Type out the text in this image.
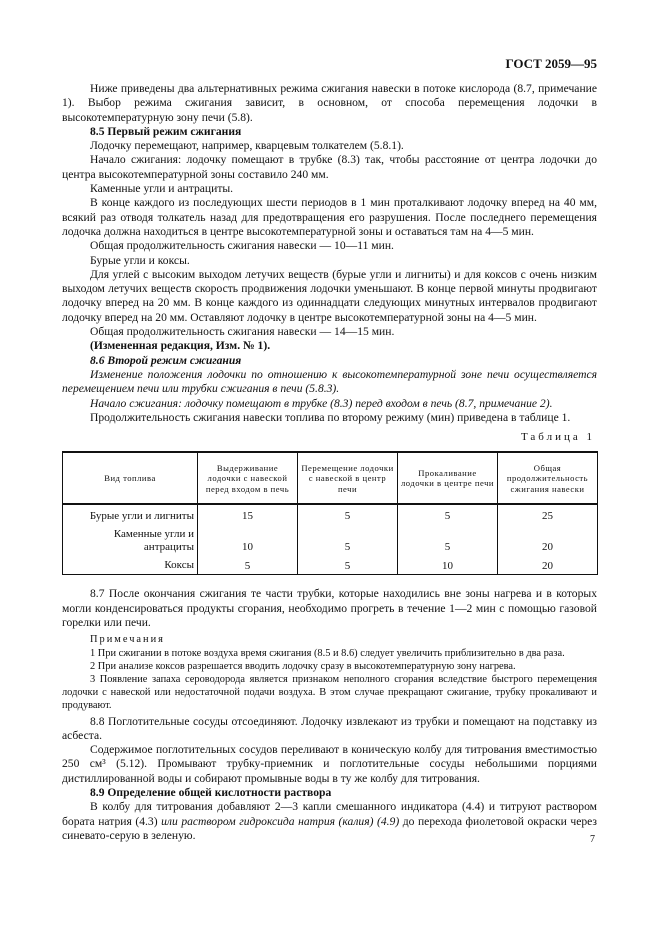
ГОСТ 2059—95

Ниже приведены два альтернативных режима сжигания навески в потоке кислорода (8.7, примечание 1). Выбор режима сжигания зависит, в основном, от способа перемещения лодочки в высокотемпературную зону печи (5.8).

8.5 Первый режим сжигания

Лодочку перемещают, например, кварцевым толкателем (5.8.1).

Начало сжигания: лодочку помещают в трубке (8.3) так, чтобы расстояние от центра лодочки до центра высокотемпературной зоны составило 240 мм.

Каменные угли и антрациты.

В конце каждого из последующих шести периодов в 1 мин проталкивают лодочку вперед на 40 мм, всякий раз отводя толкатель назад для предотвращения его разрушения. После последнего перемещения лодочка должна находиться в центре высокотемпературной зоны и оставаться там на 4—5 мин.

Общая продолжительность сжигания навески — 10—11 мин.

Бурые угли и коксы.

Для углей с высоким выходом летучих веществ (бурые угли и лигниты) и для коксов с очень низким выходом летучих веществ скорость продвижения лодочки уменьшают. В конце первой минуты продвигают лодочку вперед на 20 мм. В конце каждого из одиннадцати следующих минутных интервалов продвигают лодочку вперед на 20 мм. Оставляют лодочку в центре высокотемпературной зоны на 4—5 мин.

Общая продолжительность сжигания навески — 14—15 мин.

(Измененная редакция, Изм. № 1).

8.6 Второй режим сжигания

Изменение положения лодочки по отношению к высокотемпературной зоне печи осуществляется перемещением печи или трубки сжигания в печи (5.8.3).

Начало сжигания: лодочку помещают в трубке (8.3) перед входом в печь (8.7, примечание 2).

Продолжительность сжигания навески топлива по второму режиму (мин) приведена в таблице 1.

Таблица 1
Вид топлива	Выдерживание лодочки с навеской перед входом в печь	Перемещение лодочки с навеской в центр печи	Прокаливание лодочки в центре печи	Общая продолжительность сжигания навески
Бурые угли и лигниты	15	5	5	25
Каменные угли и антрациты	10	5	5	20
Коксы	5	5	10	20

8.7 После окончания сжигания те части трубки, которые находились вне зоны нагрева и в которых могли конденсироваться продукты сгорания, необходимо прогреть в течение 1—2 мин с помощью газовой горелки или печи.

Примечания

1 При сжигании в потоке воздуха время сжигания (8.5 и 8.6) следует увеличить приблизительно в два раза.

2 При анализе коксов разрешается вводить лодочку сразу в высокотемпературную зону нагрева.

3 Появление запаха сероводорода является признаком неполного сгорания вследствие быстрого перемещения лодочки с навеской или недостаточной подачи воздуха. В этом случае прекращают сжигание, трубку прокаливают и продувают.

8.8 Поглотительные сосуды отсоединяют. Лодочку извлекают из трубки и помещают на подставку из асбеста.

Содержимое поглотительных сосудов переливают в коническую колбу для титрования вместимостью 250 см³ (5.12). Промывают трубку-приемник и поглотительные сосуды небольшими порциями дистиллированной воды и собирают промывные воды в ту же колбу для титрования.

8.9 Определение общей кислотности раствора

В колбу для титрования добавляют 2—3 капли смешанного индикатора (4.4) и титруют раствором бората натрия (4.3) или раствором гидроксида натрия (калия) (4.9) до перехода фиолетовой окраски через синевато-серую в зеленую.	7
